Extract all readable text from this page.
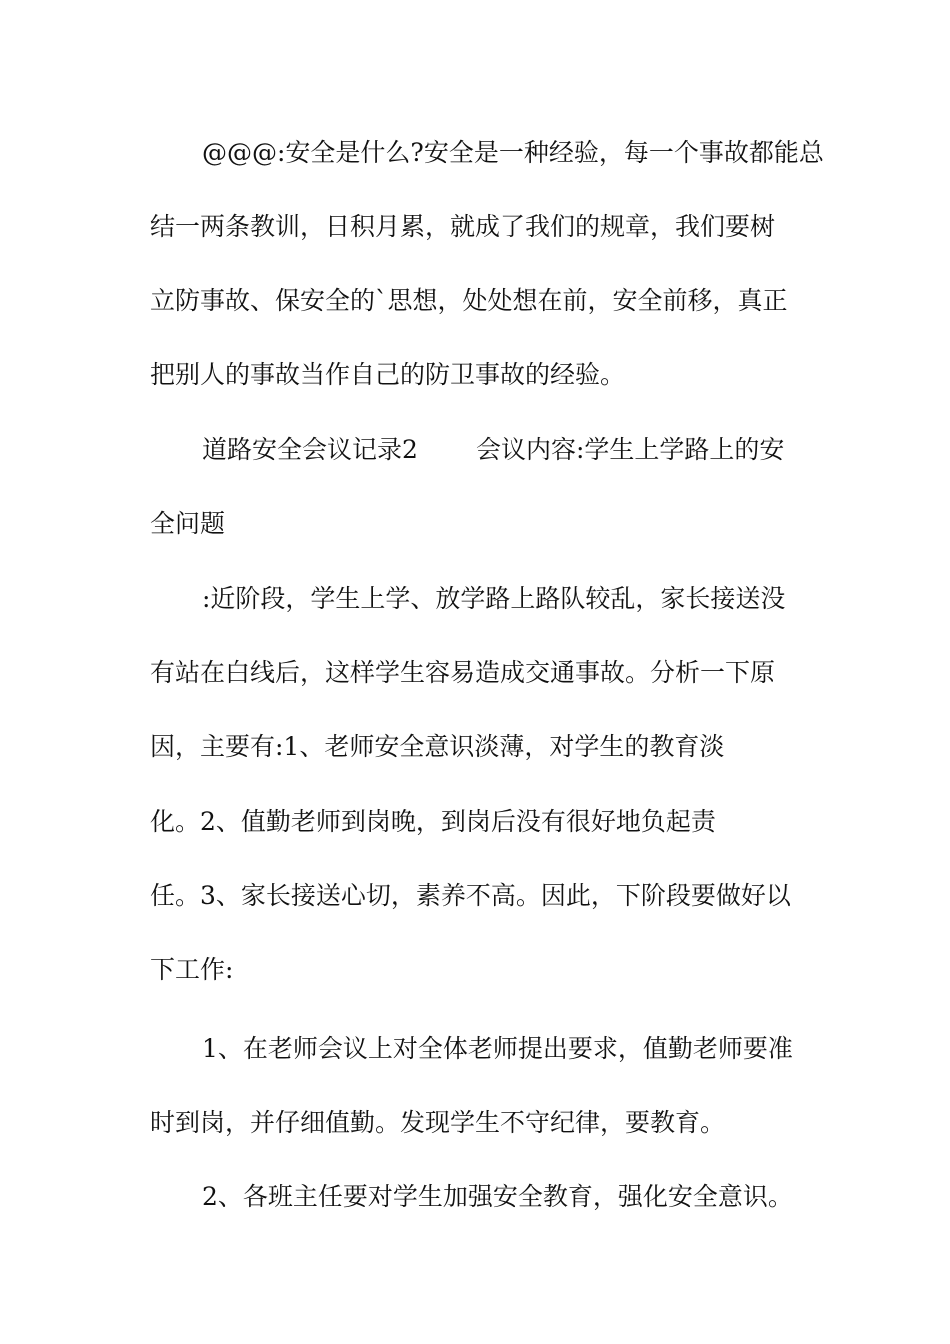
@@@:安全是什么?安全是一种经验，每一个事故都能总
结一两条教训，日积月累，就成了我们的规章，我们要树
立防事故、保安全的`思想，处处想在前，安全前移，真正
把别人的事故当作自己的防卫事故的经验。
道路安全会议记录2	会议内容:学生上学路上的安
全问题
:近阶段，学生上学、放学路上路队较乱，家长接送没
有站在白线后，这样学生容易造成交通事故。分析一下原
因，主要有:1、老师安全意识淡薄，对学生的教育淡
化。2、值勤老师到岗晚，到岗后没有很好地负起责
任。3、家长接送心切，素养不高。因此，下阶段要做好以
下工作:
1、在老师会议上对全体老师提出要求，值勤老师要准
时到岗，并仔细值勤。发现学生不守纪律，要教育。
2、各班主任要对学生加强安全教育，强化安全意识。
